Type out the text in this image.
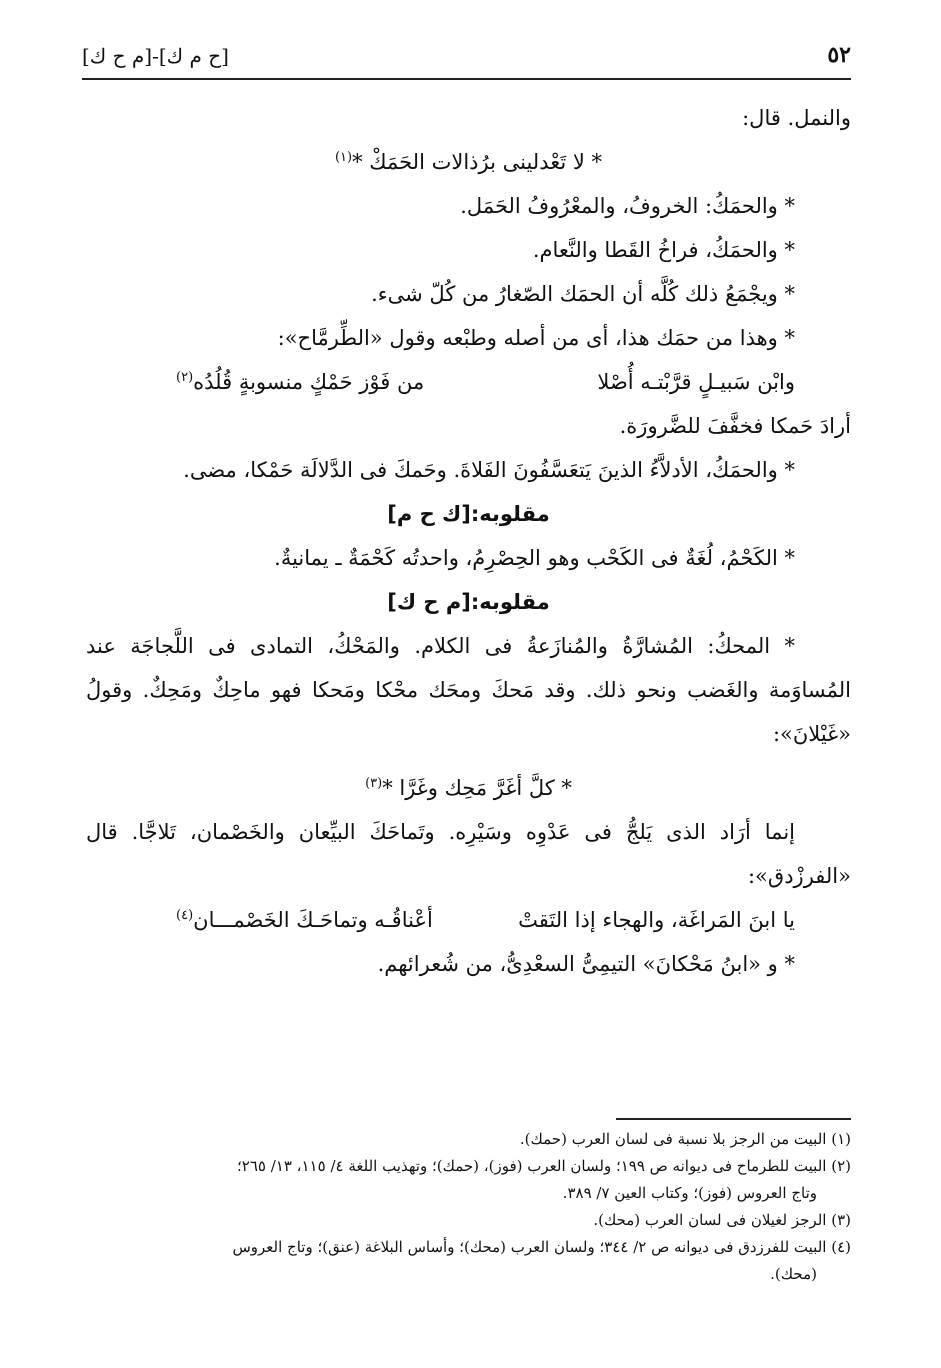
٥٢
[ح م ك]-[م ح ك]

والنمل. قال:

* لا تَعْدلينى برُذالات الحَمَكْ *$^{(١)}$

* والحمَكُ: الخروفُ، والمعْرُوفُ الحَمَل.

* والحمَكُ، فراخُ القَطا والنَّعام.

* ويجْمَعُ ذلك كُلَّه أن الحمَك الصّغارُ من كُلّ شىء.

* وهذا من حمَك هذا، أى من أصله وطبْعه وقول «الطِّرمَّاح»:

وابْن سَبيـلٍ قرَّبْتـه أُصْلا
من فَوْز حَمْكٍ منسوبةٍ قُلُدُه(٢)

أرادَ حَمكا فخفَّفَ للضَّرورَة.

* والحمَكُ، الأدلاَّءُ الذينَ يَتعَسَّفُونَ الفَلاةَ. وحَمكَ فى الدَّلالَة حَمْكا، مضى.

مقلوبه:[ك ح م]

* الكَحْمُ، لُغَةٌ فى الكَحْب وهو الحِصْرِمُ، واحدتُه كَحْمَةٌ ـ يمانيةٌ.

مقلوبه:[م ح ك]

* المحكُ: المُشارَّةُ والمُنازَعةُ فى الكلام. والمَحْكُ، التمادى فى اللَّجاجَة عند المُساوَمة والغَضب ونحو ذلك. وقد مَحكَ ومحَك محْكا ومَحكا فهو ماحِكٌ ومَحِكٌ. وقولُ «غَيْلانَ»:

* كلَّ أغَرَّ مَحِك وغَرَّا *$^{(٣)}$

إنما أرَاد الذى يَلجُّ فى عَدْوِه وسَيْرِه. وتَماحَكَ البيِّعان والخَصْمان، تَلاجَّا. قال «الفرزْدق»:

يا ابنَ المَراغَة، والهجاء إذا التَقتْ
أعْناقُـه وتماحَـكَ الخَصْمـــان(٤)

* و «ابنُ مَحْكانَ» التيمِىُّ السعْدِىُّ، من شُعرائهم.

(١) البيت من الرجز بلا نسبة فى لسان العرب (حمك).

(٢) البيت للطرماح فى ديوانه ص ١٩٩؛ ولسان العرب (فوز)، (حمك)؛ وتهذيب اللغة ٤/ ١١٥، ١٣/ ٢٦٥؛

وتاج العروس (فوز)؛ وكتاب العين ٧/ ٣٨٩.

(٣) الرجز لغيلان فى لسان العرب (محك).

(٤) البيت للفرزدق فى ديوانه ص ٢/ ٣٤٤؛ ولسان العرب (محك)؛ وأساس البلاغة (عنق)؛ وتاج العروس

(محك).
